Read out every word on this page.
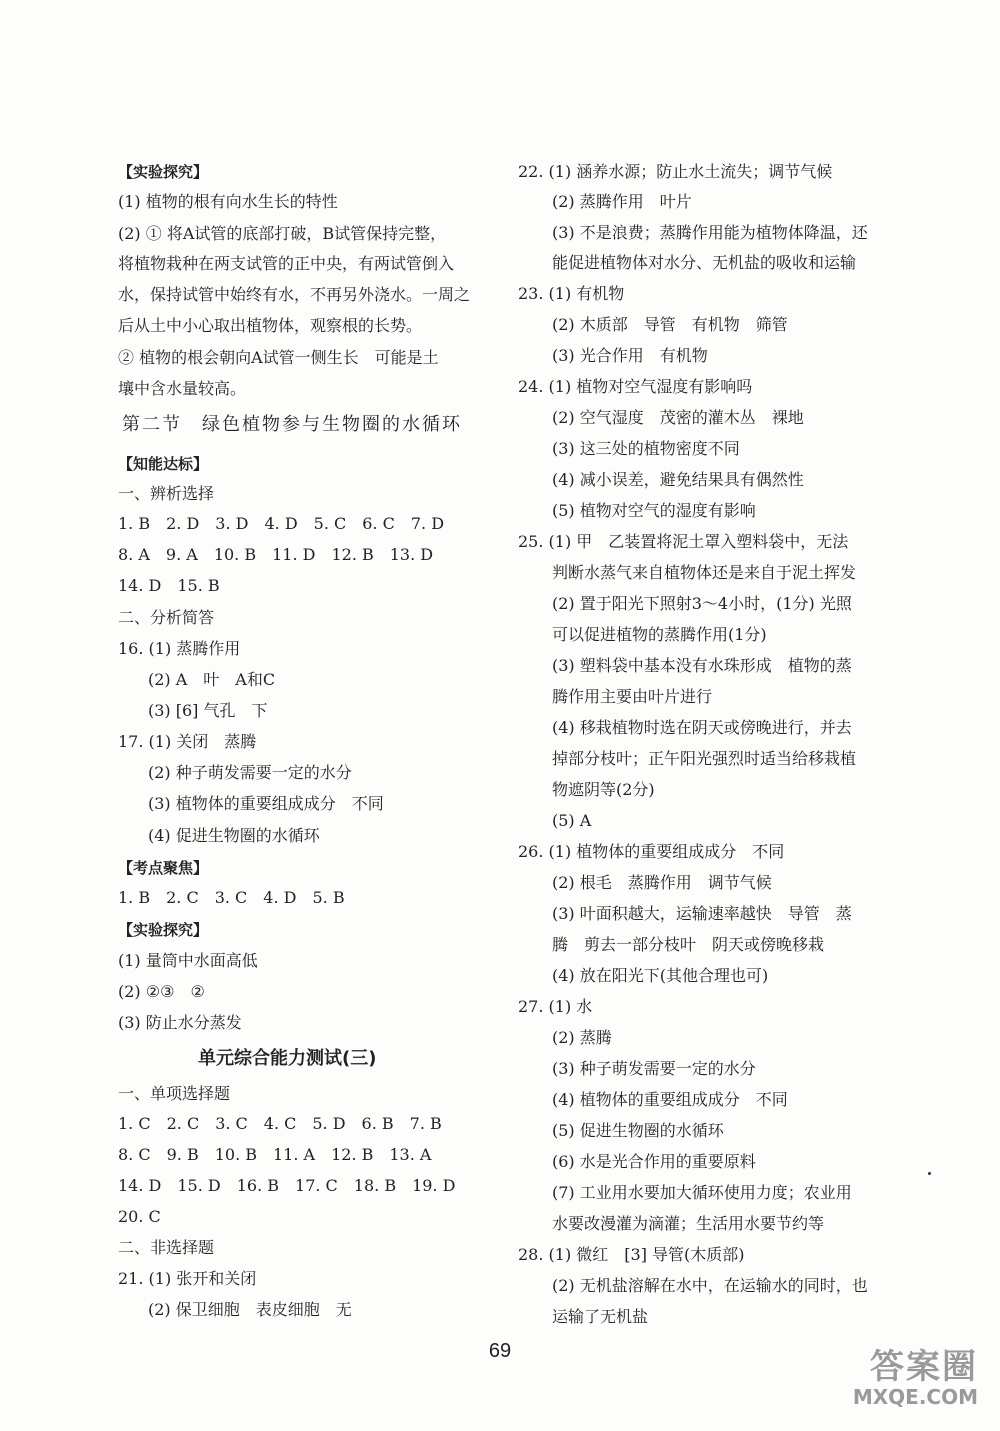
【实验探究】
(1) 植物的根有向水生长的特性
(2) ① 将A试管的底部打破，B试管保持完整，
将植物栽种在两支试管的正中央，有两试管倒入
水，保持试管中始终有水，不再另外浇水。一周之
后从土中小心取出植物体，观察根的长势。
② 植物的根会朝向A试管一侧生长　可能是土
壤中含水量较高。
第二节　绿色植物参与生物圈的水循环
【知能达标】
一、辨析选择
1. B　2. D　3. D　4. D　5. C　6. C　7. D
8. A　9. A　10. B　11. D　12. B　13. D
14. D　15. B
二、分析简答
16. (1) 蒸腾作用
(2) A　叶　A和C
(3) [6] 气孔　下
17. (1) 关闭　蒸腾
(2) 种子萌发需要一定的水分
(3) 植物体的重要组成成分　不同
(4) 促进生物圈的水循环
【考点聚焦】
1. B　2. C　3. C　4. D　5. B
【实验探究】
(1) 量筒中水面高低
(2) ②③　②
(3) 防止水分蒸发
单元综合能力测试(三)
一、单项选择题
1. C　2. C　3. C　4. C　5. D　6. B　7. B
8. C　9. B　10. B　11. A　12. B　13. A
14. D　15. D　16. B　17. C　18. B　19. D
20. C
二、非选择题
21. (1) 张开和关闭
(2) 保卫细胞　表皮细胞　无
22. (1) 涵养水源；防止水土流失；调节气候
(2) 蒸腾作用　叶片
(3) 不是浪费；蒸腾作用能为植物体降温，还
能促进植物体对水分、无机盐的吸收和运输
23. (1) 有机物
(2) 木质部　导管　有机物　筛管
(3) 光合作用　有机物
24. (1) 植物对空气湿度有影响吗
(2) 空气湿度　茂密的灌木丛　裸地
(3) 这三处的植物密度不同
(4) 减小误差，避免结果具有偶然性
(5) 植物对空气的湿度有影响
25. (1) 甲　乙装置将泥土罩入塑料袋中，无法
判断水蒸气来自植物体还是来自于泥土挥发
(2) 置于阳光下照射3～4小时，(1分) 光照
可以促进植物的蒸腾作用(1分)
(3) 塑料袋中基本没有水珠形成　植物的蒸
腾作用主要由叶片进行
(4) 移栽植物时选在阴天或傍晚进行，并去
掉部分枝叶；正午阳光强烈时适当给移栽植
物遮阴等(2分)
(5) A
26. (1) 植物体的重要组成成分　不同
(2) 根毛　蒸腾作用　调节气候
(3) 叶面积越大，运输速率越快　导管　蒸
腾　剪去一部分枝叶　阴天或傍晚移栽
(4) 放在阳光下(其他合理也可)
27. (1) 水
(2) 蒸腾
(3) 种子萌发需要一定的水分
(4) 植物体的重要组成成分　不同
(5) 促进生物圈的水循环
(6) 水是光合作用的重要原料
(7) 工业用水要加大循环使用力度；农业用
水要改漫灌为滴灌；生活用水要节约等
28. (1) 微红　[3] 导管(木质部)
(2) 无机盐溶解在水中，在运输水的同时，也
运输了无机盐
69	答案圈
MXQE.COM
